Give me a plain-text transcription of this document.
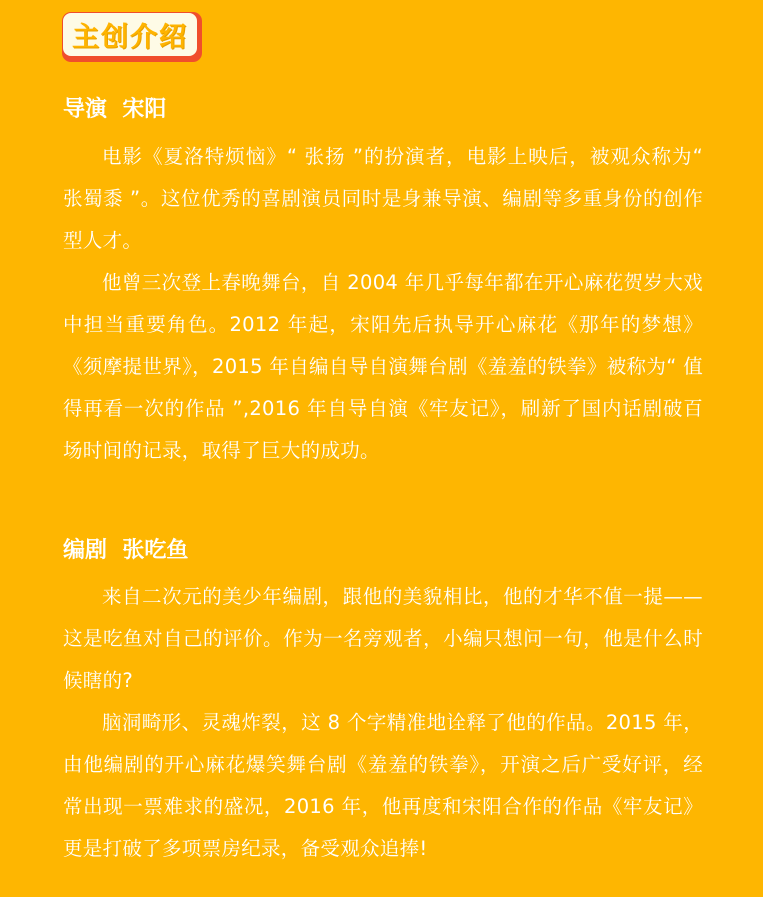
主创介绍
导演  宋阳

电影《夏洛特烦恼》“ 张扬 ”的扮演者，电影上映后，被观众称为“ 张蜀黍 ”。这位优秀的喜剧演员同时是身兼导演、编剧等多重身份的创作型人才。

他曾三次登上春晚舞台，自 2004 年几乎每年都在开心麻花贺岁大戏中担当重要角色。2012 年起，宋阳先后执导开心麻花《那年的梦想》《须摩提世界》，2015 年自编自导自演舞台剧《羞羞的铁拳》被称为“ 值得再看一次的作品 ”,2016 年自导自演《牢友记》，刷新了国内话剧破百场时间的记录，取得了巨大的成功。

编剧  张吃鱼

来自二次元的美少年编剧，跟他的美貌相比，他的才华不值一提——这是吃鱼对自己的评价。作为一名旁观者，小编只想问一句，他是什么时候瞎的?

脑洞畸形、灵魂炸裂，这 8 个字精准地诠释了他的作品。2015 年，由他编剧的开心麻花爆笑舞台剧《羞羞的铁拳》，开演之后广受好评，经常出现一票难求的盛况，2016 年，他再度和宋阳合作的作品《牢友记》更是打破了多项票房纪录，备受观众追捧!
